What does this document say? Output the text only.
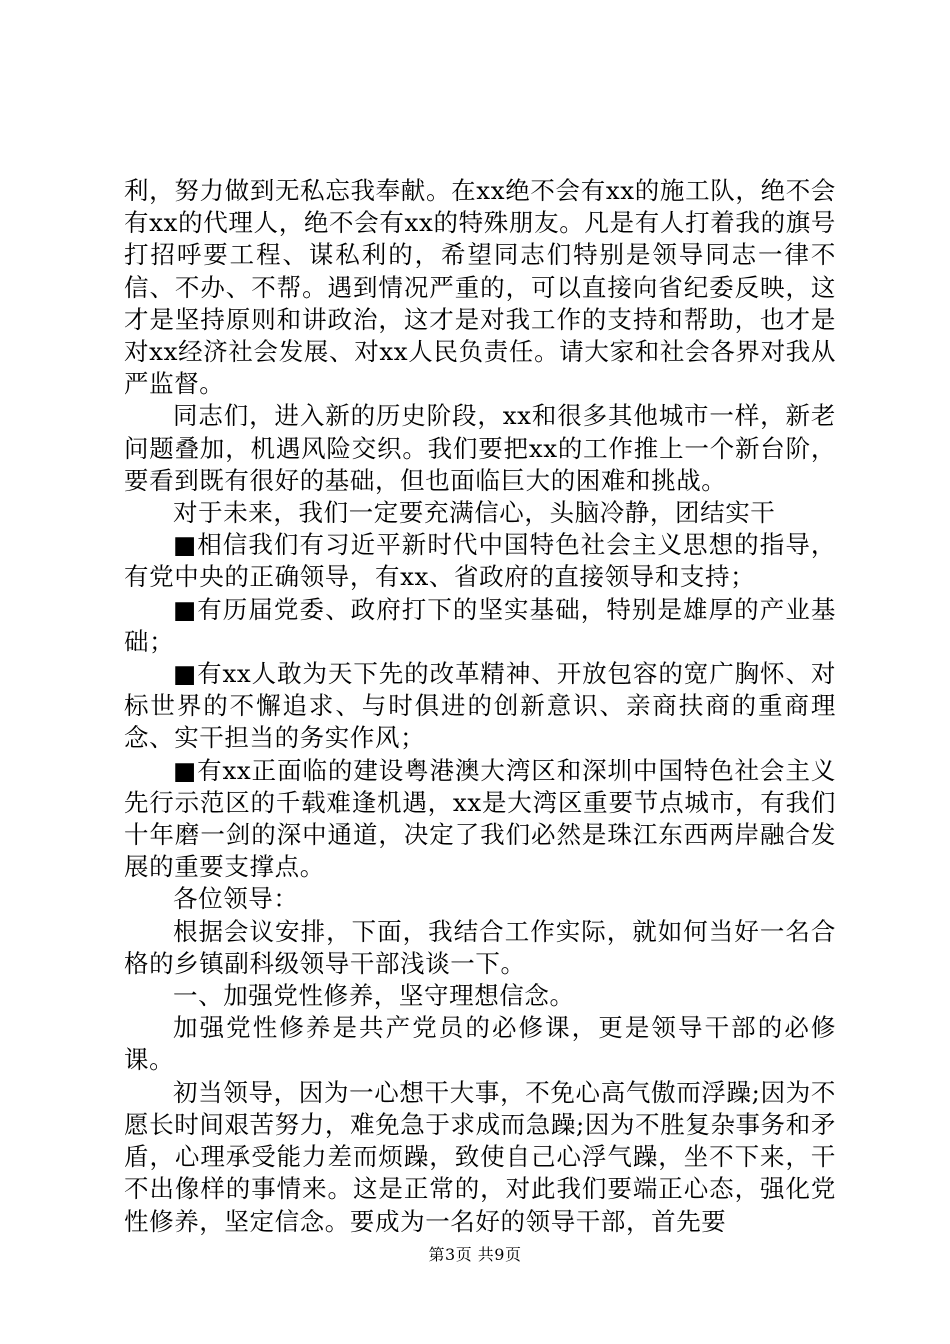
利，努力做到无私忘我奉献。在xx绝不会有xx的施工队，绝不会有xx的代理人，绝不会有xx的特殊朋友。凡是有人打着我的旗号打招呼要工程、谋私利的，希望同志们特别是领导同志一律不信、不办、不帮。遇到情况严重的，可以直接向省纪委反映，这才是坚持原则和讲政治，这才是对我工作的支持和帮助，也才是对xx经济社会发展、对xx人民负责任。请大家和社会各界对我从严监督。

同志们，进入新的历史阶段，xx和很多其他城市一样，新老问题叠加，机遇风险交织。我们要把xx的工作推上一个新台阶，要看到既有很好的基础，但也面临巨大的困难和挑战。

对于未来，我们一定要充满信心，头脑冷静，团结实干

■相信我们有习近平新时代中国特色社会主义思想的指导，有党中央的正确领导，有xx、省政府的直接领导和支持；

■有历届党委、政府打下的坚实基础，特别是雄厚的产业基础；

■有xx人敢为天下先的改革精神、开放包容的宽广胸怀、对标世界的不懈追求、与时俱进的创新意识、亲商扶商的重商理念、实干担当的务实作风；

■有xx正面临的建设粤港澳大湾区和深圳中国特色社会主义先行示范区的千载难逢机遇，xx是大湾区重要节点城市，有我们十年磨一剑的深中通道，决定了我们必然是珠江东西两岸融合发展的重要支撑点。

各位领导：

根据会议安排，下面，我结合工作实际，就如何当好一名合格的乡镇副科级领导干部浅谈一下。

一、加强党性修养，坚守理想信念。

加强党性修养是共产党员的必修课，更是领导干部的必修课。

初当领导，因为一心想干大事，不免心高气傲而浮躁;因为不愿长时间艰苦努力，难免急于求成而急躁;因为不胜复杂事务和矛盾，心理承受能力差而烦躁，致使自己心浮气躁，坐不下来，干不出像样的事情来。这是正常的，对此我们要端正心态，强化党性修养，坚定信念。要成为一名好的领导干部，首先要

第3页 共9页
